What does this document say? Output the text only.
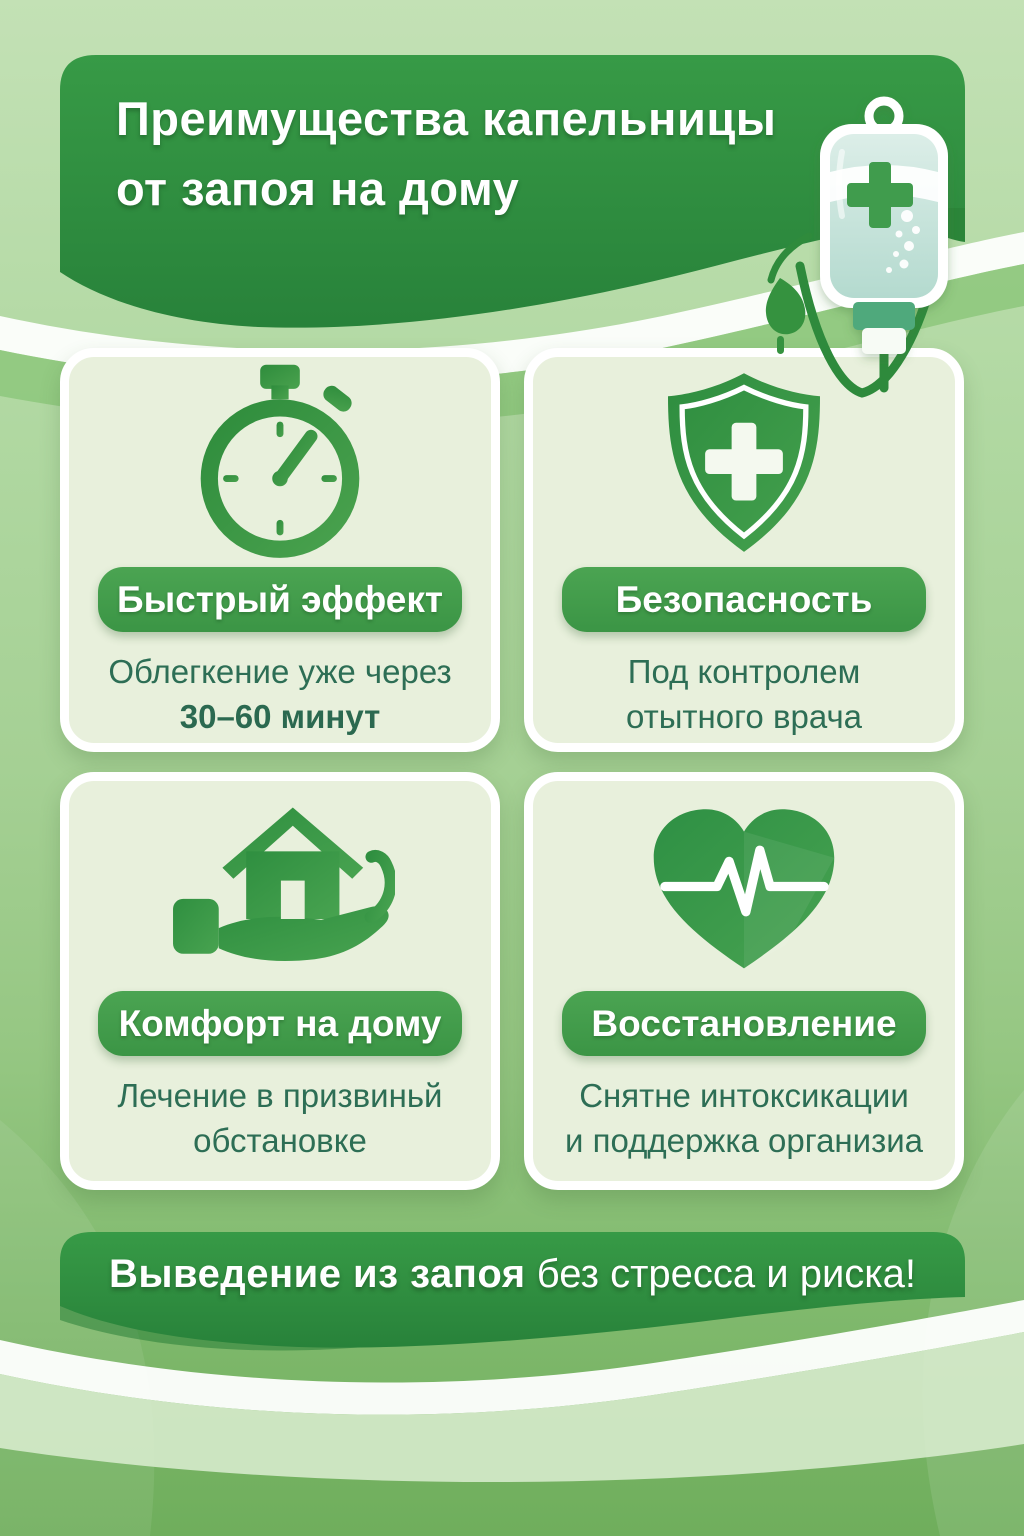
Преимущества капельницы
от запоя на дому
Быстрый эффект
Облегкение уже через
30–60 минут
Безопасность
Под контролем
отытного врача
Комфорт на дому
Лечение в призвиньй
обстановке
Восстановление
Снятне интоксикации
и поддержка организиа
Выведение из запоя без стресса и риска!
